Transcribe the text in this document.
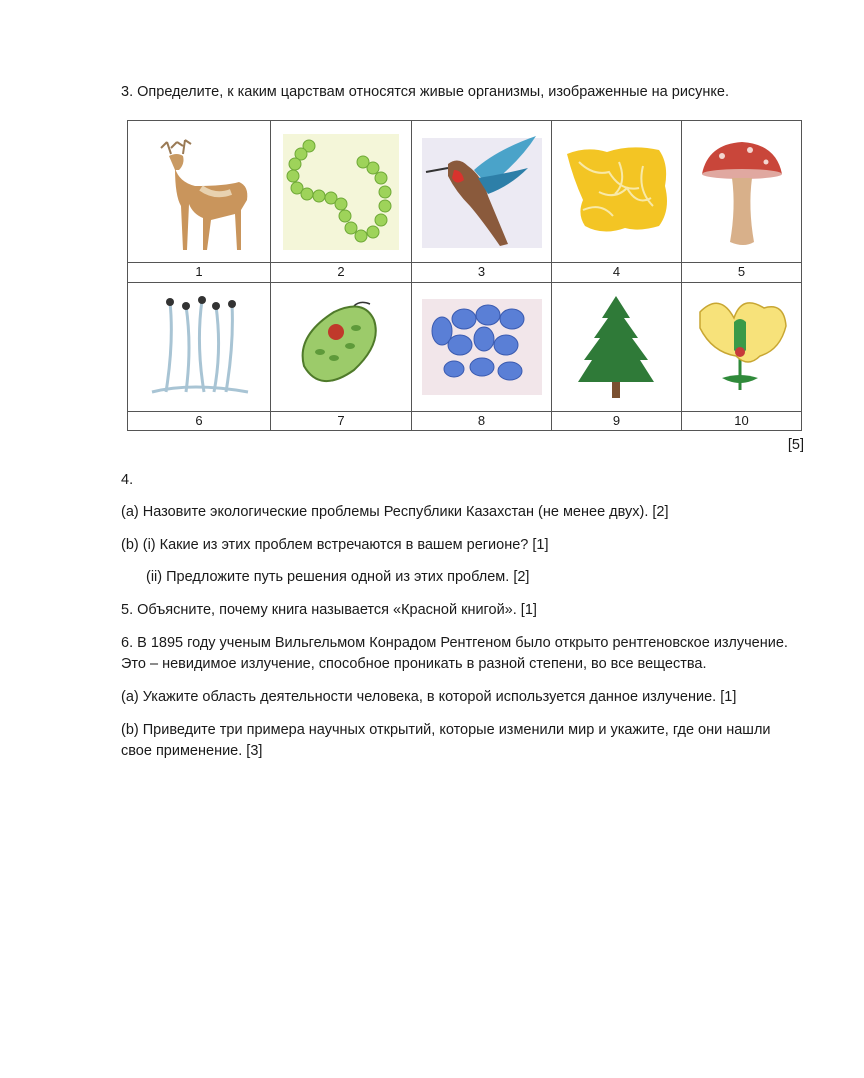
3. Определите, к каким царствам относятся живые организмы, изображенные на рисунке.

1	2	3	4	5

6	7	8	9	10
[5]
4.
(a) Назовите экологические проблемы Республики Казахстан (не менее двух). [2]
(b) (i) Какие из этих проблем встречаются в вашем регионе? [1]
(ii) Предложите путь решения одной из этих проблем. [2]
5. Объясните, почему книга называется «Красной книгой». [1]
6. В 1895 году ученым Вильгельмом Конрадом Рентгеном было открыто рентгеновское излучение.
Это – невидимое излучение, способное проникать в разной степени, во все вещества.
(a) Укажите область деятельности человека, в которой используется данное излучение. [1]
(b) Приведите три примера научных открытий, которые изменили мир и укажите, где они нашли
свое применение. [3]
